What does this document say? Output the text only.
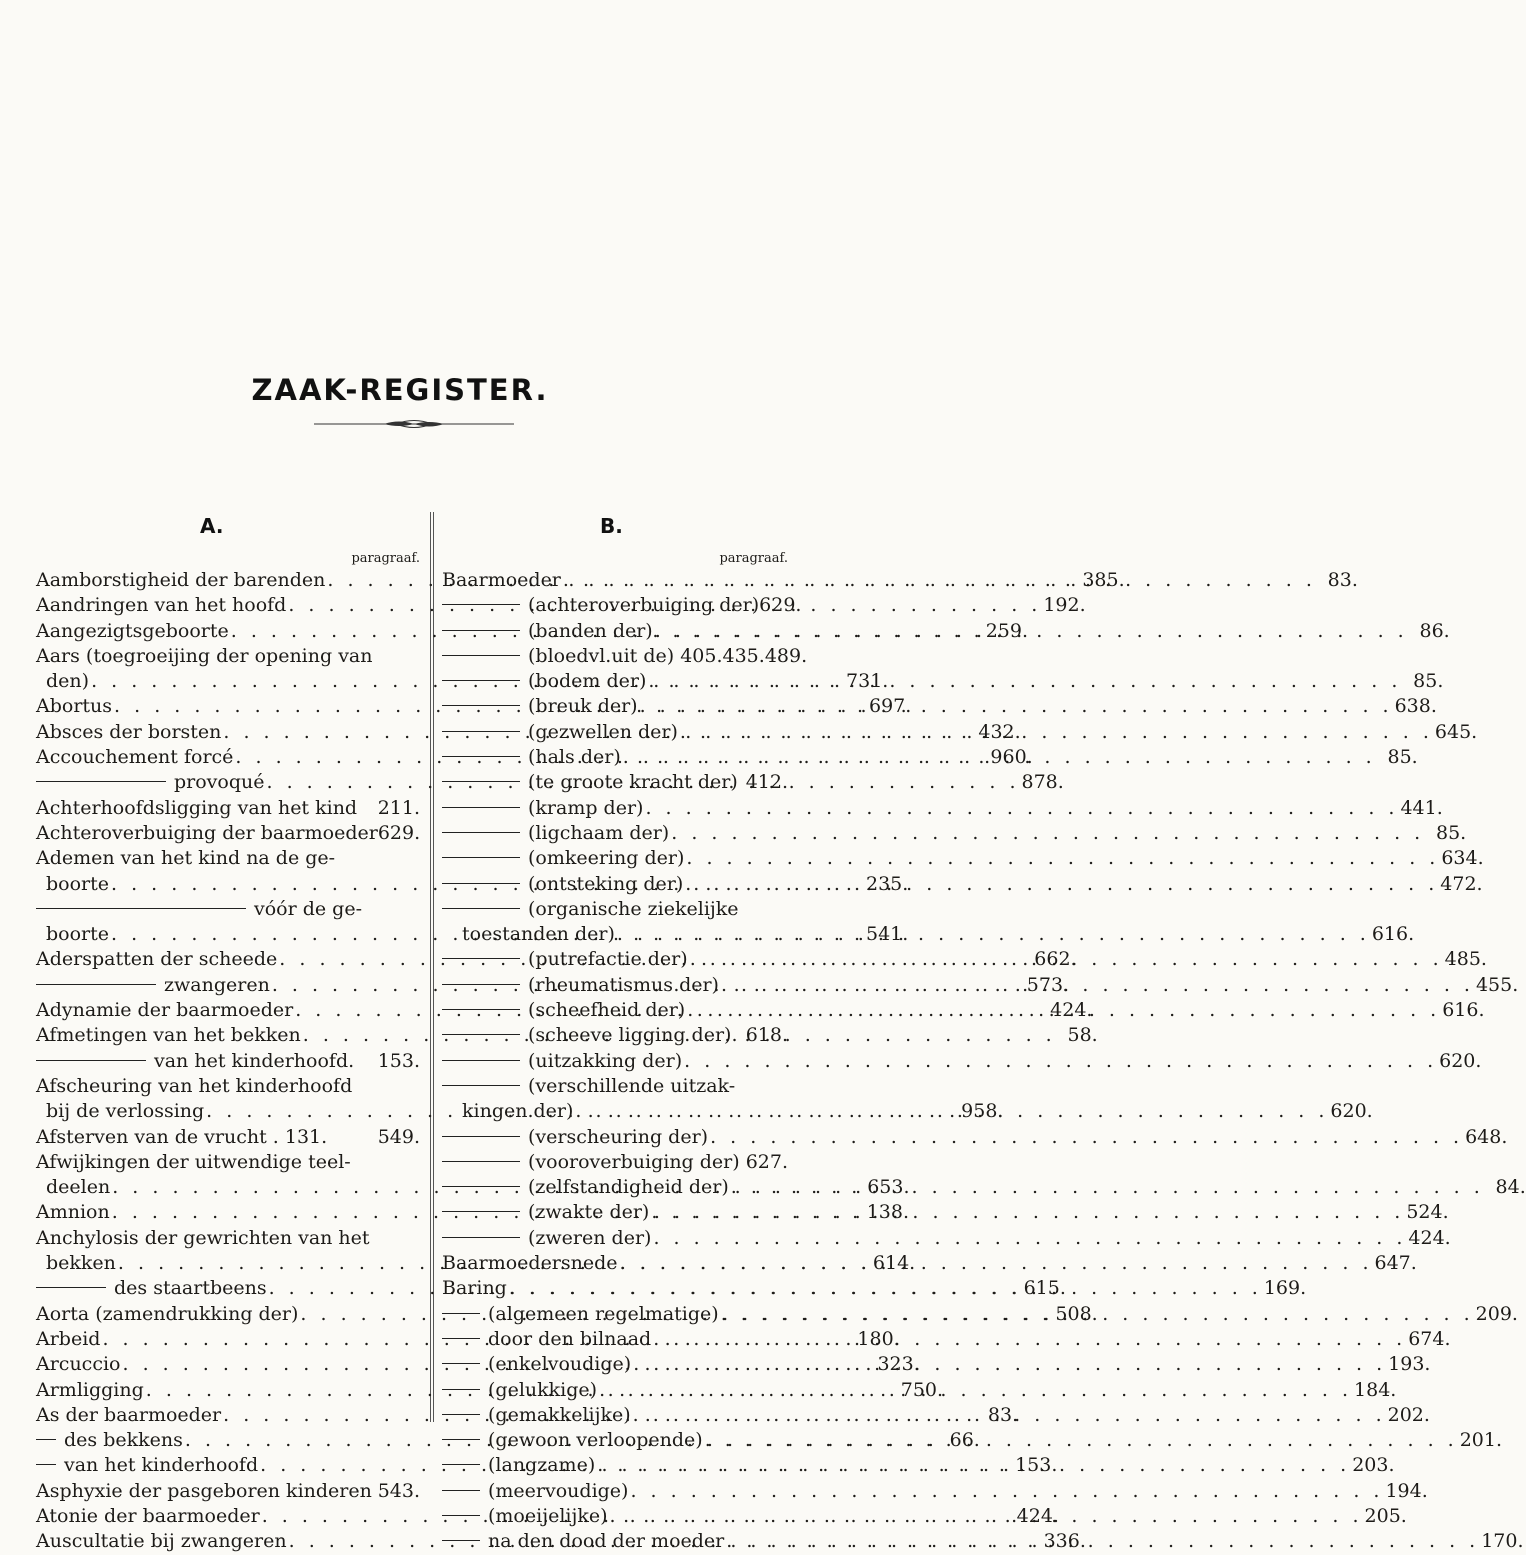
ZAAK-REGISTER.
A.	B.
paragraaf.
Aamborstigheid der barenden . . .	385.
Aandringen van het hoofd . . .	192.
Aangezigtsgeboorte . . .	259.
Aars (toegroeijing der opening van
den) . . .	731.
Abortus . . .	697.
Absces der borsten . . .	432.
Accouchement forcé . . .	960.
provoqué . . .	878.
Achterhoofdsligging van het kind 211.
Achteroverbuiging der baarmoeder 629.
Ademen van het kind na de ge-
boorte . . .	235.
vóór de ge-
boorte . . .	541.
Aderspatten der scheede . . .	662.
zwangeren . . .	573.
Adynamie der baarmoeder . . .	424.
Afmetingen van het bekken . . .	58.
van het kinderhoofd. 153.
Afscheuring van het kinderhoofd
bij de verlossing . . .	958.
Afsterven van de vrucht . 131.	549.
Afwijkingen der uitwendige teel-
deelen . . .	653.
Amnion . . .	138.
Anchylosis der gewrichten van het
bekken . . .	614.
des staartbeens . . .	615.
Aorta (zamendrukking der) . . .	508.
Arbeid . . .	180.
Arcuccio . . .	323.
Armligging . . .	750.
As der baarmoeder . . .	83.
des bekkens . . .	66.
van het kinderhoofd . . .	153.
Asphyxie der pasgeboren kinderen 543.
Atonie der baarmoeder . . .	424.
Auscultatie bij zwangeren . . .	336.
paragraaf.
Baarmoeder . . .	83.
(achteroverbuiging der) 629.
(banden der) . . .	86.
(bloedvl.uit de) 405.435. 489.
(bodem der) . . .	85.
(breuk der) . . .	638.
(gezwellen der) . . .	645.
(hals der) . . .	85.
(te groote kracht der) 412.
(kramp der) . . .	441.
(ligchaam der) . . .	85.
(omkeering der) . . .	634.
(ontsteking der) . . .	472.
(organische ziekelijke
toestanden der) . . .	616.
(putrefactie der) . . .	485.
(rheumatismus der) . . .	455.
(scheefheid der) . . .	616.
(scheeve ligging der). 618.
(uitzakking der) . . .	620.
(verschillende uitzak-
kingen der) . . .	620.
(verscheuring der) . . .	648.
(vooroverbuiging der) 627.
(zelfstandigheid der) . . .	84.
(zwakte der) . . .	524.
(zweren der) . . .	424.
Baarmoedersnede . . .	647.
Baring . . .	169.
(algemeen regelmatige) . . .	209.
door den bilnaad . . .	674.
(enkelvoudige) . . .	193.
(gelukkige) . . .	184.
(gemakkelijke) . . .	202.
(gewoon verloopende) . . .	201.
(langzame) . . .	203.
(meervoudige) . . .	194.
(moeijelijke) . . .	205.
na den dood der moeder . . .	170.
